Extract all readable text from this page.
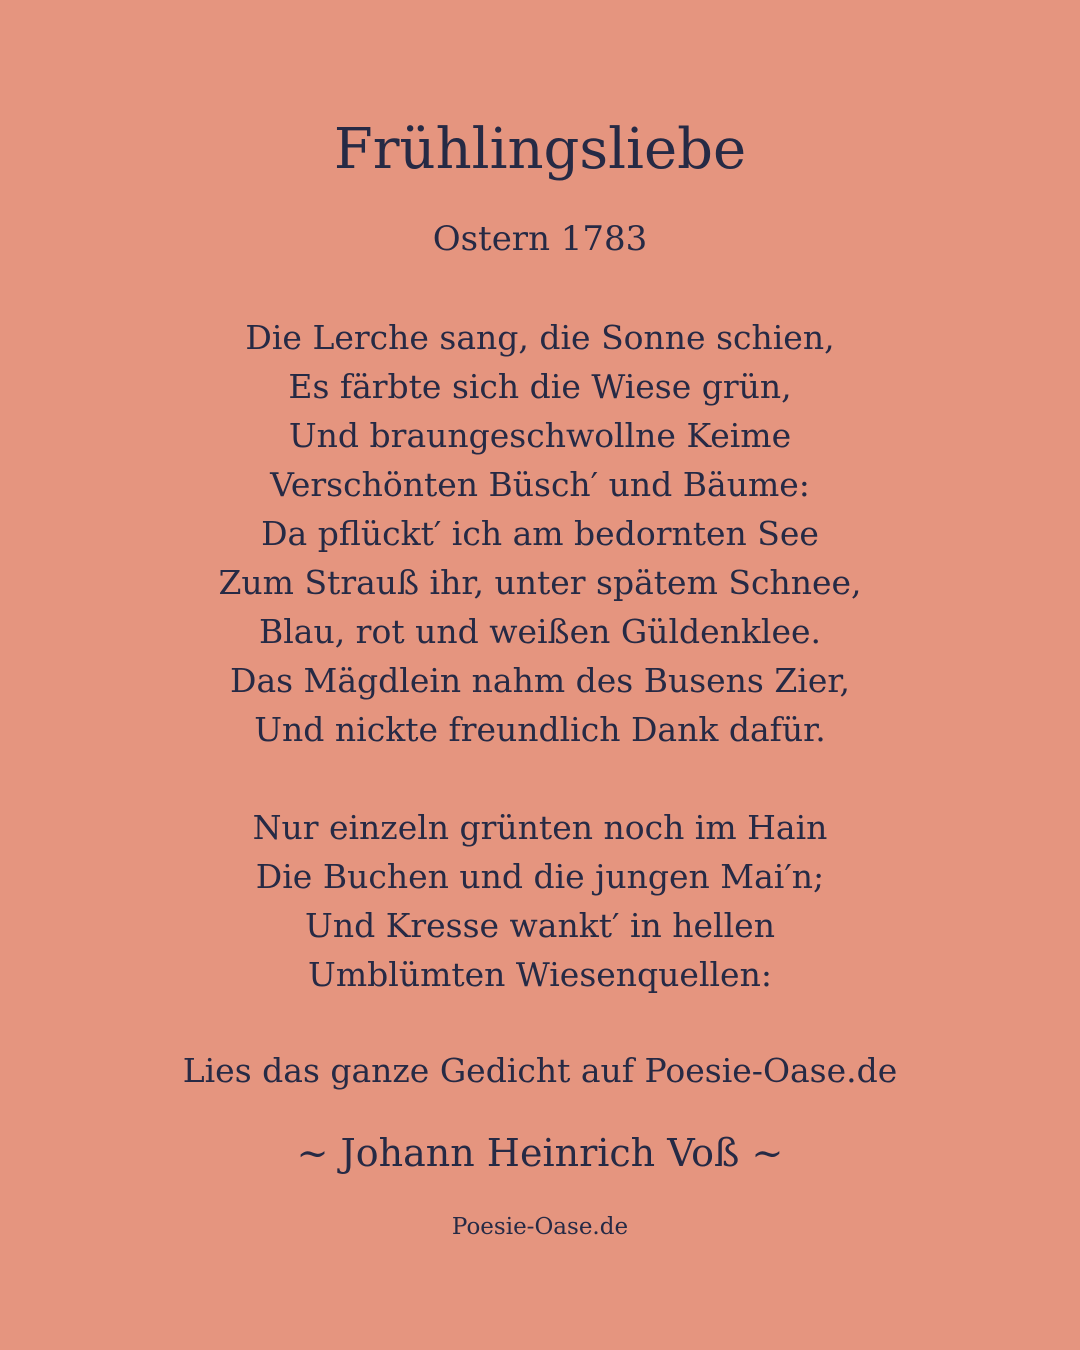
Frühlingsliebe

Ostern 1783

Die Lerche sang, die Sonne schien,
Es färbte sich die Wiese grün,
Und braungeschwollne Keime
Verschönten Büsch′ und Bäume:
Da pflückt′ ich am bedornten See
Zum Strauß ihr, unter spätem Schnee,
Blau, rot und weißen Güldenklee.
Das Mägdlein nahm des Busens Zier,
Und nickte freundlich Dank dafür.
Nur einzeln grünten noch im Hain
Die Buchen und die jungen Mai′n;
Und Kresse wankt′ in hellen
Umblümten Wiesenquellen:

Lies das ganze Gedicht auf Poesie-Oase.de

~ Johann Heinrich Voß ~

Poesie-Oase.de
